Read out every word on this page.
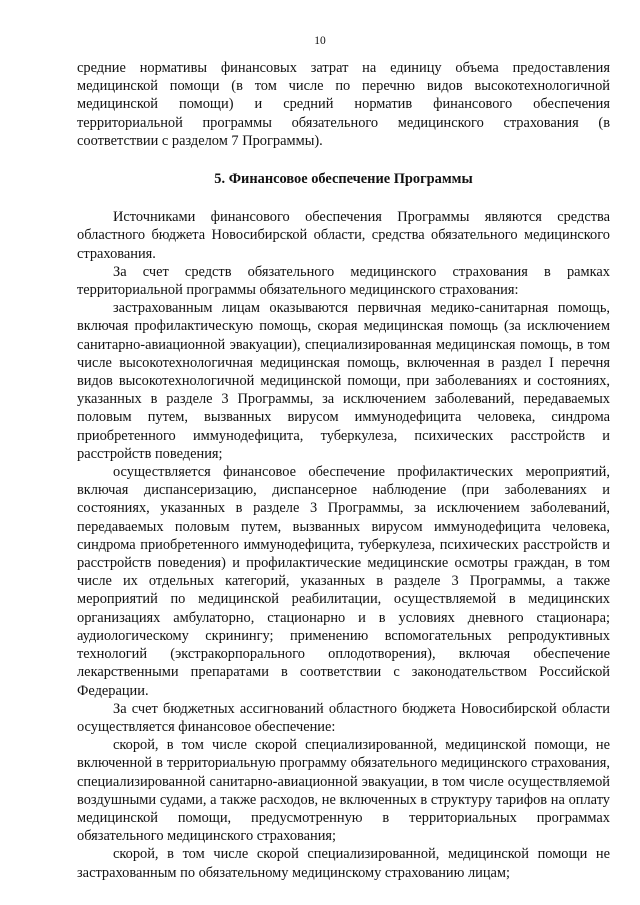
10

средние нормативы финансовых затрат на единицу объема предоставления медицинской помощи (в том числе по перечню видов высокотехнологичной медицинской помощи) и средний норматив финансового обеспечения территориальной программы обязательного медицинского страхования (в соответствии с разделом 7 Программы).

5. Финансовое обеспечение Программы

Источниками финансового обеспечения Программы являются средства областного бюджета Новосибирской области, средства обязательного медицинского страхования.

За счет средств обязательного медицинского страхования в рамках территориальной программы обязательного медицинского страхования:

застрахованным лицам оказываются первичная медико-санитарная помощь, включая профилактическую помощь, скорая медицинская помощь (за исключением санитарно-авиационной эвакуации), специализированная медицинская помощь, в том числе высокотехнологичная медицинская помощь, включенная в раздел I перечня видов высокотехнологичной медицинской помощи, при заболеваниях и состояниях, указанных в разделе 3 Программы, за исключением заболеваний, передаваемых половым путем, вызванных вирусом иммунодефицита человека, синдрома приобретенного иммунодефицита, туберкулеза, психических расстройств и расстройств поведения;

осуществляется финансовое обеспечение профилактических мероприятий, включая диспансеризацию, диспансерное наблюдение (при заболеваниях и состояниях, указанных в разделе 3 Программы, за исключением заболеваний, передаваемых половым путем, вызванных вирусом иммунодефицита человека, синдрома приобретенного иммунодефицита, туберкулеза, психических расстройств и расстройств поведения) и профилактические медицинские осмотры граждан, в том числе их отдельных категорий, указанных в разделе 3 Программы, а также мероприятий по медицинской реабилитации, осуществляемой в медицинских организациях амбулаторно, стационарно и в условиях дневного стационара; аудиологическому скринингу; применению вспомогательных репродуктивных технологий (экстракорпорального оплодотворения), включая обеспечение лекарственными препаратами в соответствии с законодательством Российской Федерации.

За счет бюджетных ассигнований областного бюджета Новосибирской области осуществляется финансовое обеспечение:

скорой, в том числе скорой специализированной, медицинской помощи, не включенной в территориальную программу обязательного медицинского страхования, специализированной санитарно-авиационной эвакуации, в том числе осуществляемой воздушными судами, а также расходов, не включенных в структуру тарифов на оплату медицинской помощи, предусмотренную в территориальных программах обязательного медицинского страхования;

скорой, в том числе скорой специализированной, медицинской помощи не застрахованным по обязательному медицинскому страхованию лицам;
